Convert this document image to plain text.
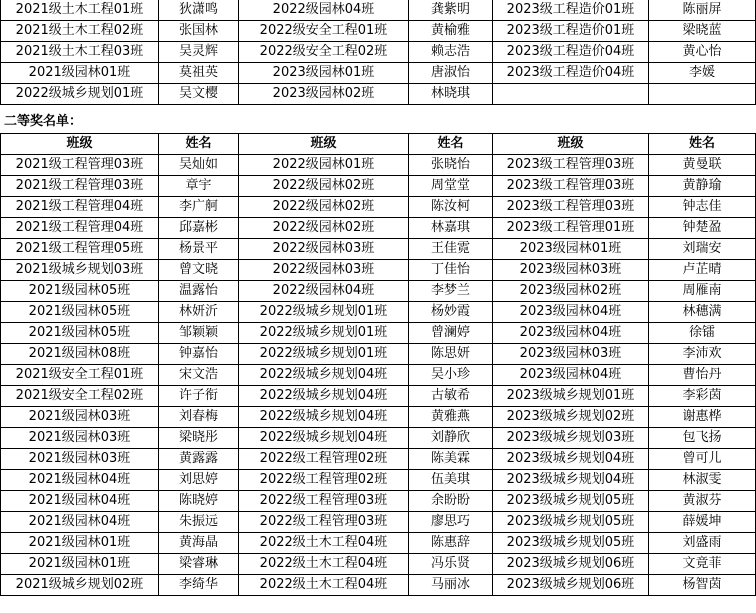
2021级土木工程01班	狄潇鸣	2022级园林04班	龚紫明	2023级工程造价01班	陈丽屏
2021级土木工程02班	张国林	2022级安全工程01班	黄榆雅	2023级工程造价01班	梁晓蓝
2021级土木工程03班	吴灵辉	2022级安全工程02班	赖志浩	2023级工程造价04班	黄心怡
2021级园林01班	莫祖英	2023级园林01班	唐淑怡	2023级工程造价04班	李媛
2022级城乡规划01班	吴文樱	2023级园林02班	林晓琪		
二等奖名单：
班级	姓名	班级	姓名	班级	姓名
2021级工程管理03班	吴灿如	2022级园林01班	张晓怡	2023级工程管理03班	黄曼联
2021级工程管理03班	章宇	2022级园林02班	周堂堂	2023级工程管理03班	黄静瑜
2021级工程管理04班	李广舸	2022级园林02班	陈汝柯	2023级工程管理03班	钟志佳
2021级工程管理04班	邱嘉彬	2022级园林02班	林嘉琪	2023级工程管理01班	钟楚盈
2021级工程管理05班	杨景平	2022级园林03班	王佳霓	2023级园林01班	刘瑞安
2021级城乡规划03班	曾文晓	2022级园林03班	丁佳怡	2023级园林03班	卢芷晴
2021级园林05班	温露怡	2022级园林04班	李梦兰	2023级园林02班	周雁南
2021级园林05班	林妍沂	2022级城乡规划01班	杨妙霞	2023级园林04班	林穗满
2021级园林05班	邹颖颖	2022级城乡规划01班	曾澜婷	2023级园林04班	徐镭
2021级园林08班	钟嘉怡	2022级城乡规划01班	陈思妍	2023级园林03班	李沛欢
2021级安全工程01班	宋文浩	2022级城乡规划04班	吴小珍	2023级园林04班	曹怡丹
2021级安全工程02班	许子衔	2022级城乡规划04班	古敏希	2023级城乡规划01班	李彩茵
2021级园林03班	刘春梅	2022级城乡规划04班	黄雅燕	2023级城乡规划02班	谢惠桦
2021级园林03班	梁晓彤	2022级城乡规划04班	刘静欣	2023级城乡规划03班	包飞扬
2021级园林03班	黄露露	2022级工程管理02班	陈美霖	2023级城乡规划04班	曾可儿
2021级园林04班	刘思婷	2022级工程管理02班	伍美琪	2023级城乡规划04班	林淑雯
2021级园林04班	陈晓婷	2022级工程管理03班	余盼盼	2023级城乡规划05班	黄淑芬
2021级园林04班	朱振远	2022级工程管理03班	廖思巧	2023级城乡规划05班	薛媛坤
2021级园林01班	黄海晶	2022级土木工程04班	陈惠辞	2023级城乡规划05班	刘盛雨
2021级园林01班	梁睿琳	2022级土木工程04班	冯乐贤	2023级城乡规划06班	文竟菲
2021级城乡规划02班	李绮华	2022级土木工程04班	马丽冰	2023级城乡规划06班	杨智茵
